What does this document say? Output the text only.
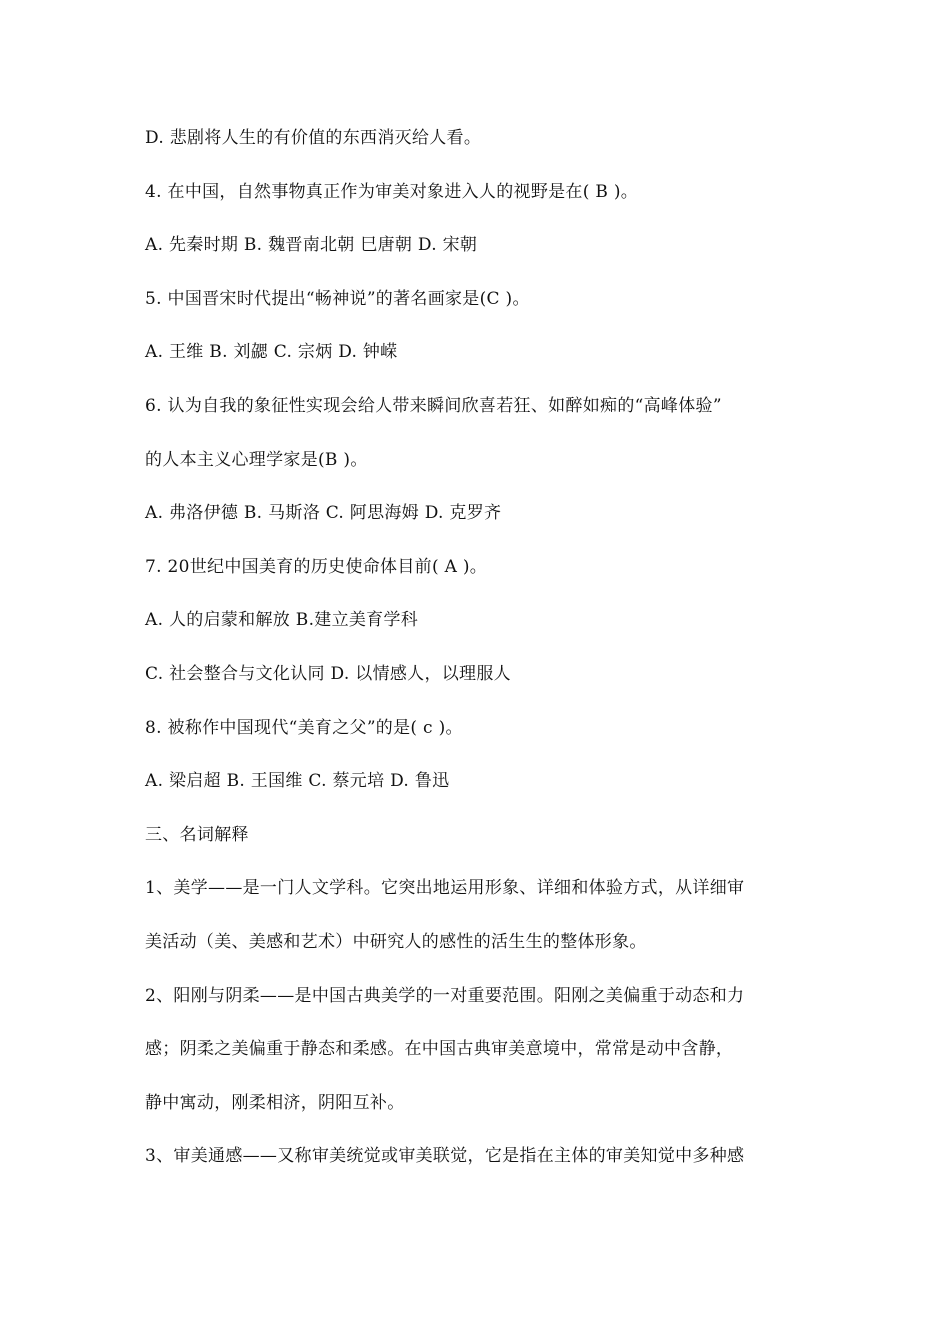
D. 悲剧将人生的有价值的东西消灭给人看。
4. 在中国，自然事物真正作为审美对象进入人的视野是在( B )。
A. 先秦时期 B. 魏晋南北朝 巳唐朝 D. 宋朝
5. 中国晋宋时代提出“畅神说”的著名画家是(C )。
A. 王维 B. 刘勰 C. 宗炳 D. 钟嵘
6. 认为自我的象征性实现会给人带来瞬间欣喜若狂、如醉如痴的“高峰体验”
的人本主义心理学家是(B )。
A. 弗洛伊德 B. 马斯洛 C. 阿思海姆 D. 克罗齐
7. 20世纪中国美育的历史使命体目前( A )。
A. 人的启蒙和解放 B.建立美育学科
C. 社会整合与文化认同 D. 以情感人，以理服人
8. 被称作中国现代“美育之父”的是( c )。
A. 梁启超 B. 王国维 C. 蔡元培 D. 鲁迅
三、名词解释
1、美学——是一门人文学科。它突出地运用形象、详细和体验方式，从详细审
美活动（美、美感和艺术）中研究人的感性的活生生的整体形象。
2、阳刚与阴柔——是中国古典美学的一对重要范围。阳刚之美偏重于动态和力
感；阴柔之美偏重于静态和柔感。在中国古典审美意境中，常常是动中含静，
静中寓动，刚柔相济，阴阳互补。
3、审美通感——又称审美统觉或审美联觉，它是指在主体的审美知觉中多种感
